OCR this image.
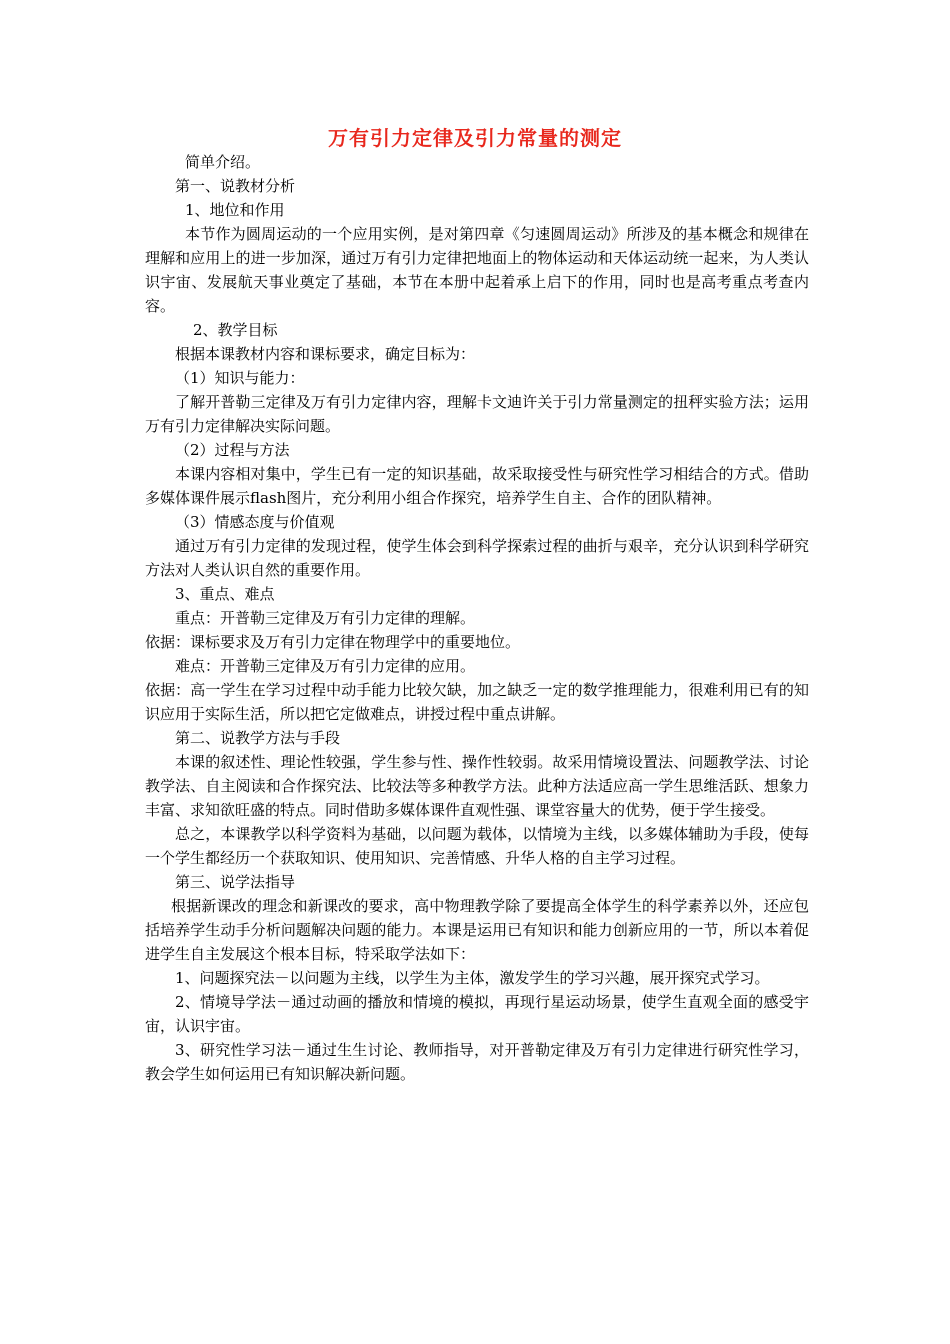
万有引力定律及引力常量的测定

简单介绍。

第一、说教材分析

1、地位和作用

本节作为圆周运动的一个应用实例，是对第四章《匀速圆周运动》所涉及的基本概念和规律在理解和应用上的进一步加深，通过万有引力定律把地面上的物体运动和天体运动统一起来，为人类认识宇宙、发展航天事业奠定了基础，本节在本册中起着承上启下的作用，同时也是高考重点考查内容。

2、教学目标

根据本课教材内容和课标要求，确定目标为：

（1）知识与能力：

了解开普勒三定律及万有引力定律内容，理解卡文迪许关于引力常量测定的扭秤实验方法；运用万有引力定律解决实际问题。

（2）过程与方法

本课内容相对集中，学生已有一定的知识基础，故采取接受性与研究性学习相结合的方式。借助多媒体课件展示flash图片，充分利用小组合作探究，培养学生自主、合作的团队精神。

（3）情感态度与价值观

通过万有引力定律的发现过程，使学生体会到科学探索过程的曲折与艰辛，充分认识到科学研究方法对人类认识自然的重要作用。

3、重点、难点

重点：开普勒三定律及万有引力定律的理解。

依据：课标要求及万有引力定律在物理学中的重要地位。

难点：开普勒三定律及万有引力定律的应用。

依据：高一学生在学习过程中动手能力比较欠缺，加之缺乏一定的数学推理能力，很难利用已有的知识应用于实际生活，所以把它定做难点，讲授过程中重点讲解。

第二、说教学方法与手段

本课的叙述性、理论性较强，学生参与性、操作性较弱。故采用情境设置法、问题教学法、讨论教学法、自主阅读和合作探究法、比较法等多种教学方法。此种方法适应高一学生思维活跃、想象力丰富、求知欲旺盛的特点。同时借助多媒体课件直观性强、课堂容量大的优势，便于学生接受。

总之，本课教学以科学资料为基础，以问题为载体，以情境为主线，以多媒体辅助为手段，使每一个学生都经历一个获取知识、使用知识、完善情感、升华人格的自主学习过程。

第三、说学法指导

根据新课改的理念和新课改的要求，高中物理教学除了要提高全体学生的科学素养以外，还应包括培养学生动手分析问题解决问题的能力。本课是运用已有知识和能力创新应用的一节，所以本着促进学生自主发展这个根本目标，特采取学法如下：

1、问题探究法－以问题为主线，以学生为主体，激发学生的学习兴趣，展开探究式学习。

2、情境导学法－通过动画的播放和情境的模拟，再现行星运动场景，使学生直观全面的感受宇宙，认识宇宙。

3、研究性学习法－通过生生讨论、教师指导，对开普勒定律及万有引力定律进行研究性学习，教会学生如何运用已有知识解决新问题。
